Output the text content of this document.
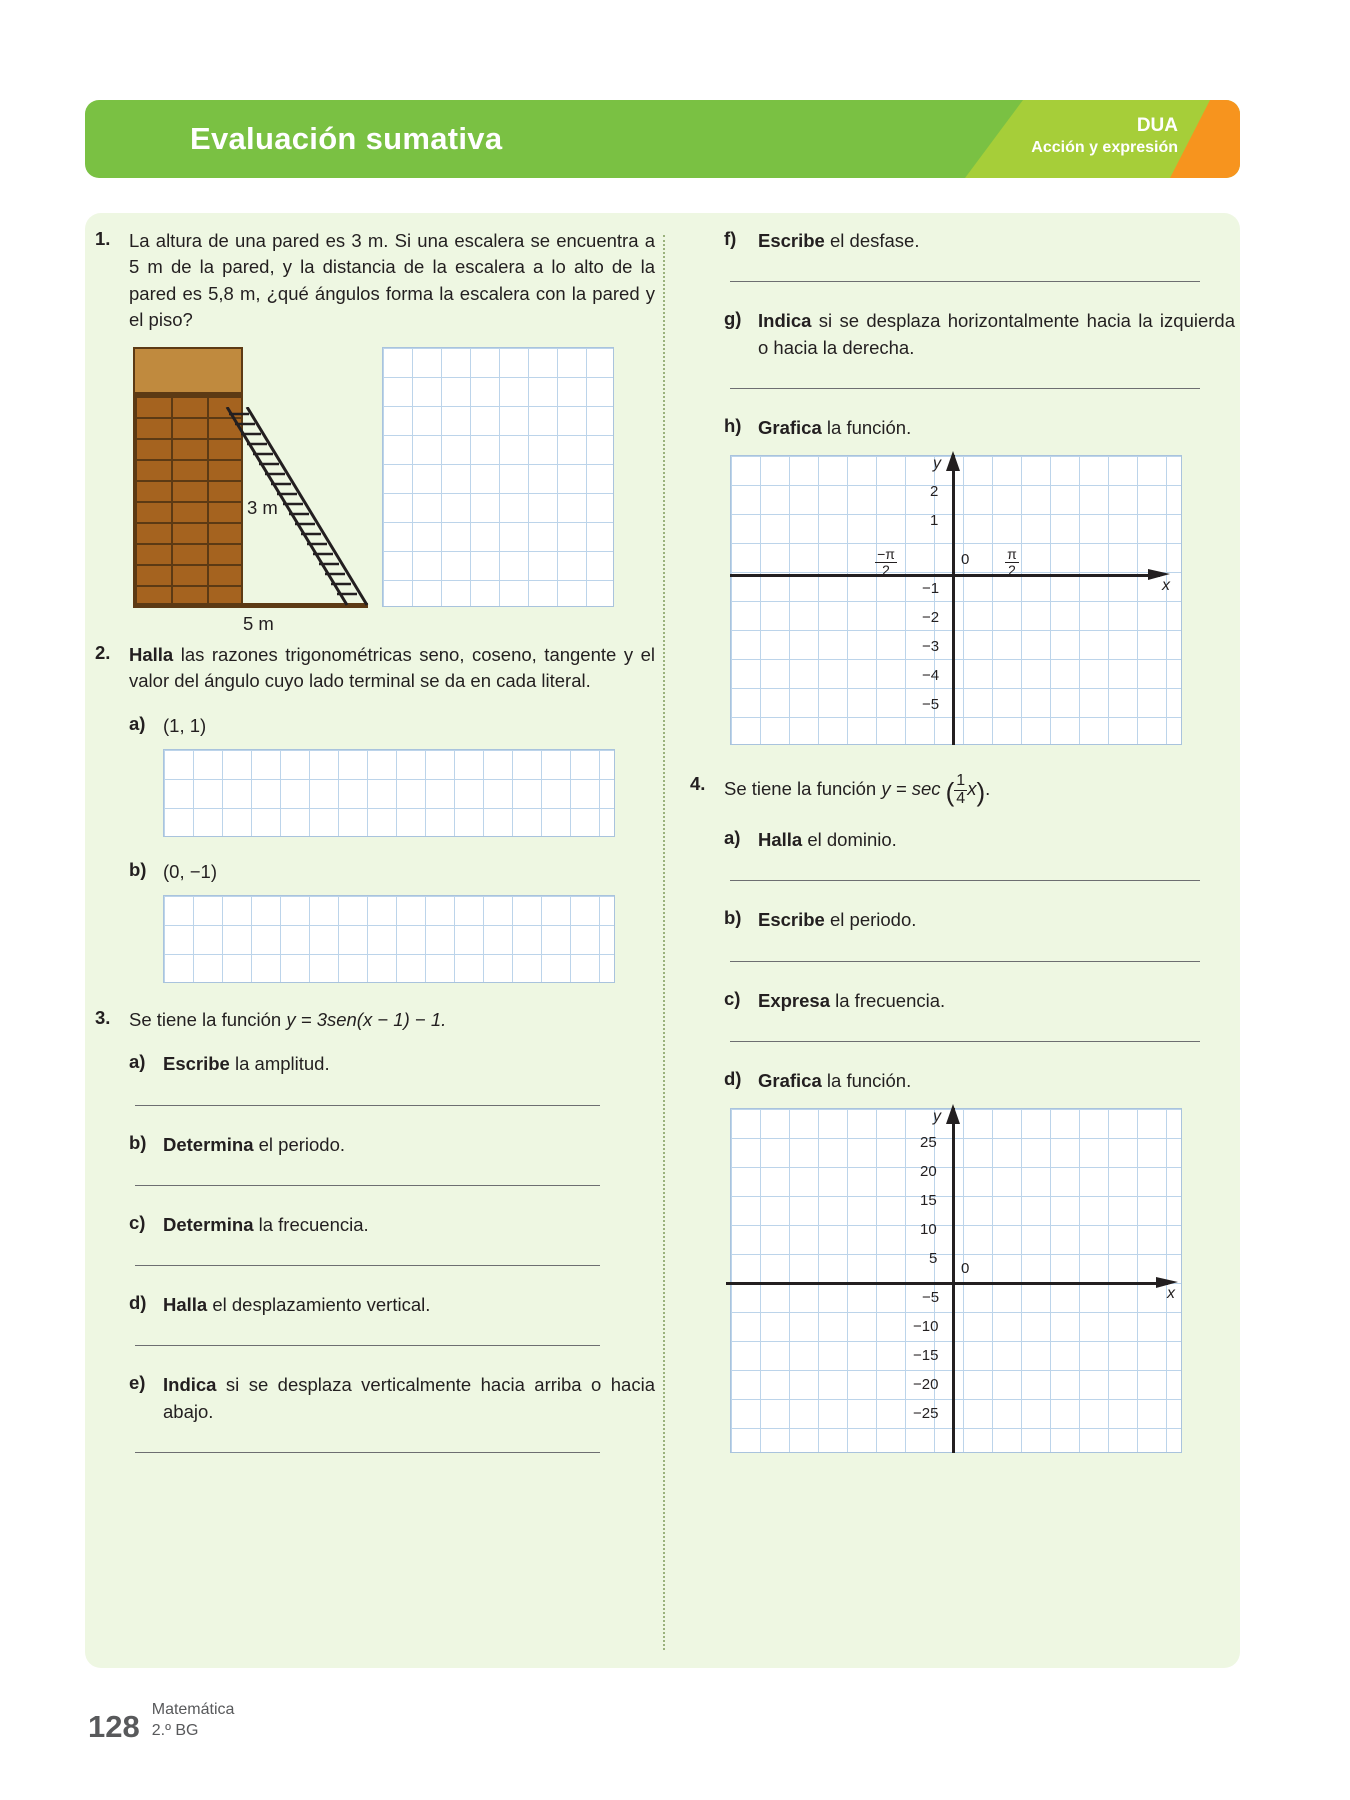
Evaluación sumativa	DUA
Acción y expresión
1.	La altura de una pared es 3 m. Si una escalera se encuentra a 5 m de la pared, y la distancia de la escalera a lo alto de la pared es 5,8 m, ¿qué ángulos forma la escalera con la pared y el piso?
3 m
5 m
2.	Halla las razones trigonométricas seno, coseno, tangente y el valor del ángulo cuyo lado terminal se da en cada literal.
a) (1, 1)
b) (0, −1)
3.	Se tiene la función y = 3sen(x − 1) − 1.
a) Escribe la amplitud.
b) Determina el periodo.
c) Determina la frecuencia.
d) Halla el desplazamiento vertical.
e) Indica si se desplaza verticalmente hacia arriba o hacia abajo.
f)	Escribe el desfase.
g) Indica si se desplaza horizontalmente hacia la izquierda o hacia la derecha.
h) Grafica la función.
y
x
0
2
1
−1
−2
−3
−4
−5
$\frac{-\pi}{2}$	$\frac{\pi}{2}$
4.	Se tiene la función y = sec ( $\frac{1}{4} x$).
a) Halla el dominio.
b) Escribe el periodo.
c) Expresa la frecuencia.
d) Grafica la función.
y
x
0
25
20
15
10
5
−5
−10
−15
−20
−25
128 Matemática
2.º BG
